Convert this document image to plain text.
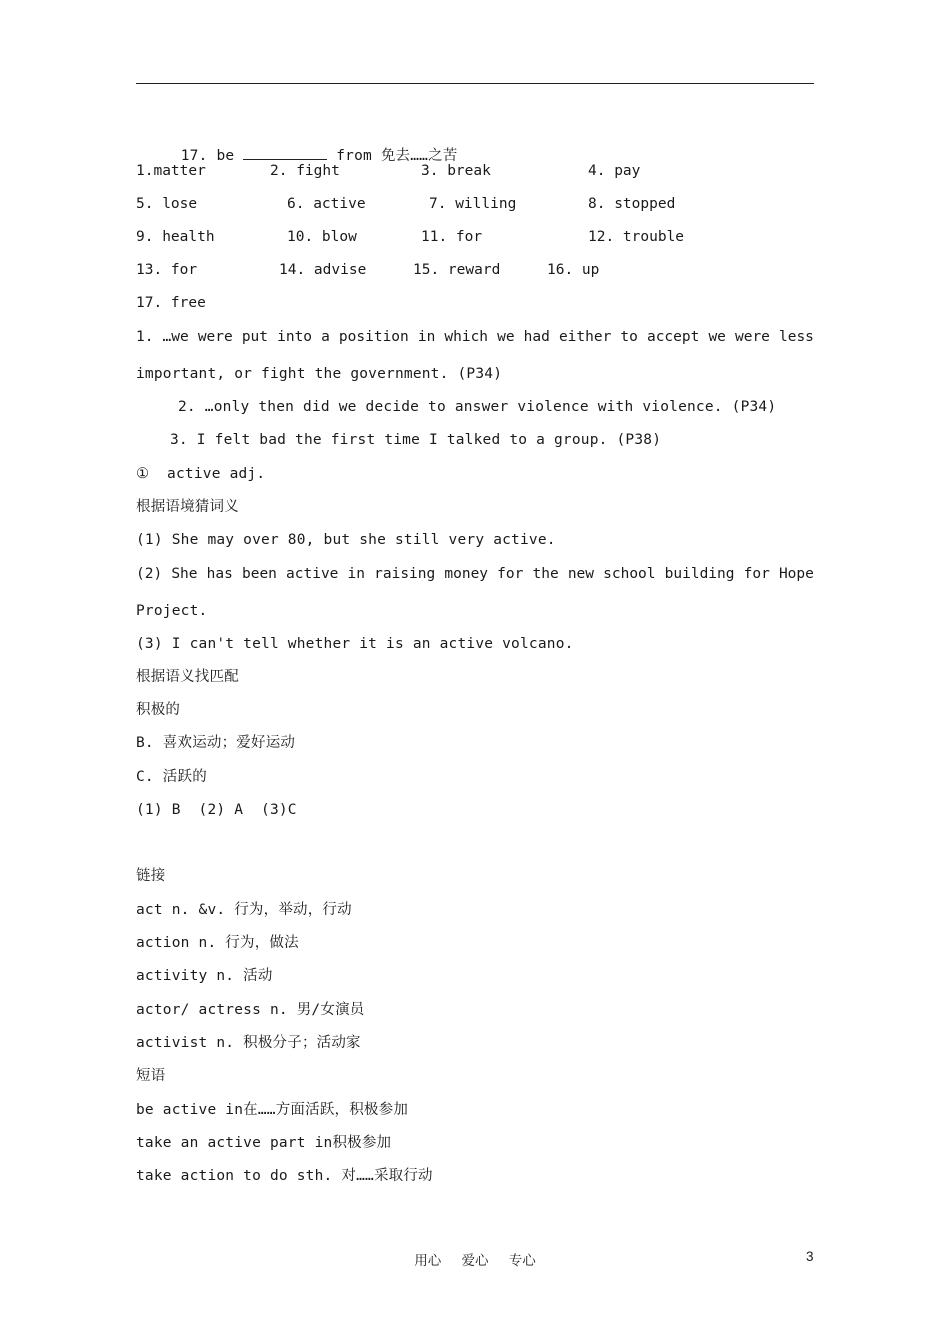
17. be	from 免去……之苦

1.matter	2. fight	3. break	4. pay
5. lose	6. active	7. willing	8. stopped
9. health	10. blow	11. for	12. trouble
13. for	14. advise	15. reward	16. up
17. free
1. …we were put into a position in which we had either to accept we were less
important, or fight the government. (P34)
2. …only then did we decide to answer violence with violence. (P34)
3. I felt bad the first time I talked to a group. (P38)
①  active adj.
根据语境猜词义
(1) She may over 80, but she still very active.
(2) She has been active in raising money for the new school building for Hope
Project.
(3) I can't tell whether it is an active volcano.
根据语义找匹配
积极的
B. 喜欢运动；爱好运动
C. 活跃的
(1) B  (2) A  (3)C
链接
act n. &v. 行为，举动，行动
action n. 行为，做法
activity n. 活动
actor/ actress n. 男/女演员
activist n. 积极分子；活动家
短语
be active in在……方面活跃，积极参加
take an active part in积极参加
take action to do sth. 对……采取行动
用心 爱心 专心	3
